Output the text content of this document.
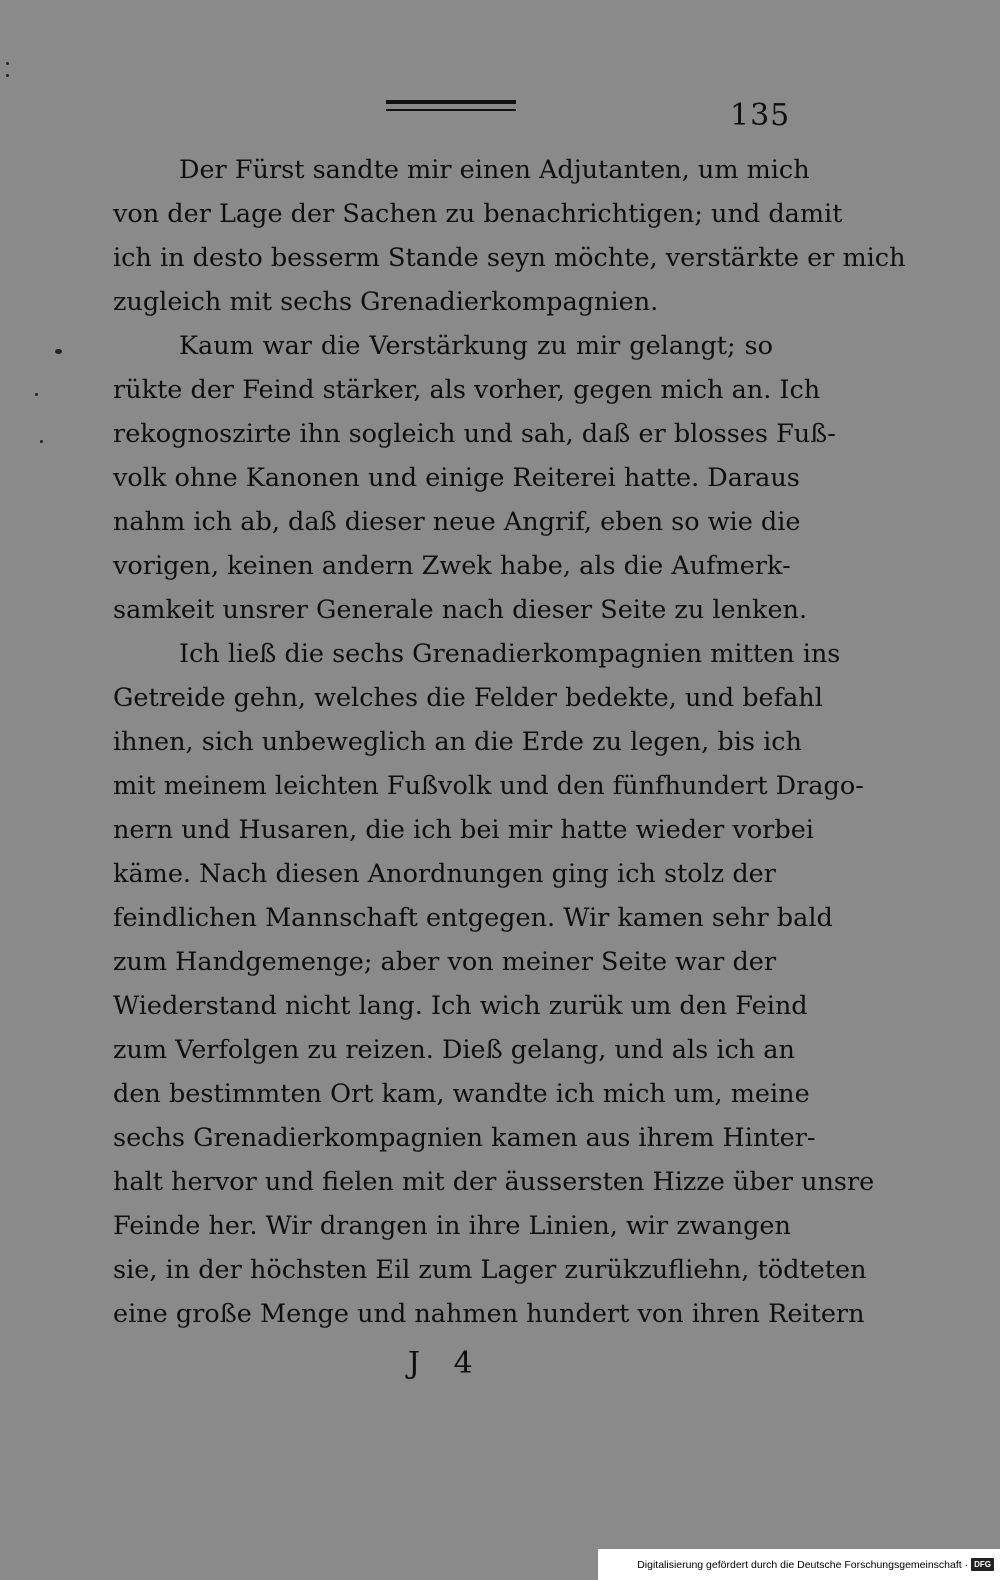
135
Der Fürst sandte mir einen Adjutanten, um mich
von der Lage der Sachen zu benachrichtigen; und damit
ich in desto besserm Stande seyn möchte, verstärkte er mich
zugleich mit sechs Grenadierkompagnien.
Kaum war die Verstärkung zu mir gelangt; so
rükte der Feind stärker, als vorher, gegen mich an. Ich
rekognoszirte ihn sogleich und sah, daß er blosses Fuß-
volk ohne Kanonen und einige Reiterei hatte. Daraus
nahm ich ab, daß dieser neue Angrif, eben so wie die
vorigen, keinen andern Zwek habe, als die Aufmerk-
samkeit unsrer Generale nach dieser Seite zu lenken.
Ich ließ die sechs Grenadierkompagnien mitten ins
Getreide gehn, welches die Felder bedekte, und befahl
ihnen, sich unbeweglich an die Erde zu legen, bis ich
mit meinem leichten Fußvolk und den fünfhundert Drago-
nern und Husaren, die ich bei mir hatte wieder vorbei
käme. Nach diesen Anordnungen ging ich stolz der
feindlichen Mannschaft entgegen. Wir kamen sehr bald
zum Handgemenge; aber von meiner Seite war der
Wiederstand nicht lang. Ich wich zurük um den Feind
zum Verfolgen zu reizen. Dieß gelang, und als ich an
den bestimmten Ort kam, wandte ich mich um, meine
sechs Grenadierkompagnien kamen aus ihrem Hinter-
halt hervor und fielen mit der äussersten Hizze über unsre
Feinde her. Wir drangen in ihre Linien, wir zwangen
sie, in der höchsten Eil zum Lager zurükzufliehn, tödteten
eine große Menge und nahmen hundert von ihren Reitern
J 4
Digitalisierung gefördert durch die Deutsche Forschungsgemeinschaft · DFG
